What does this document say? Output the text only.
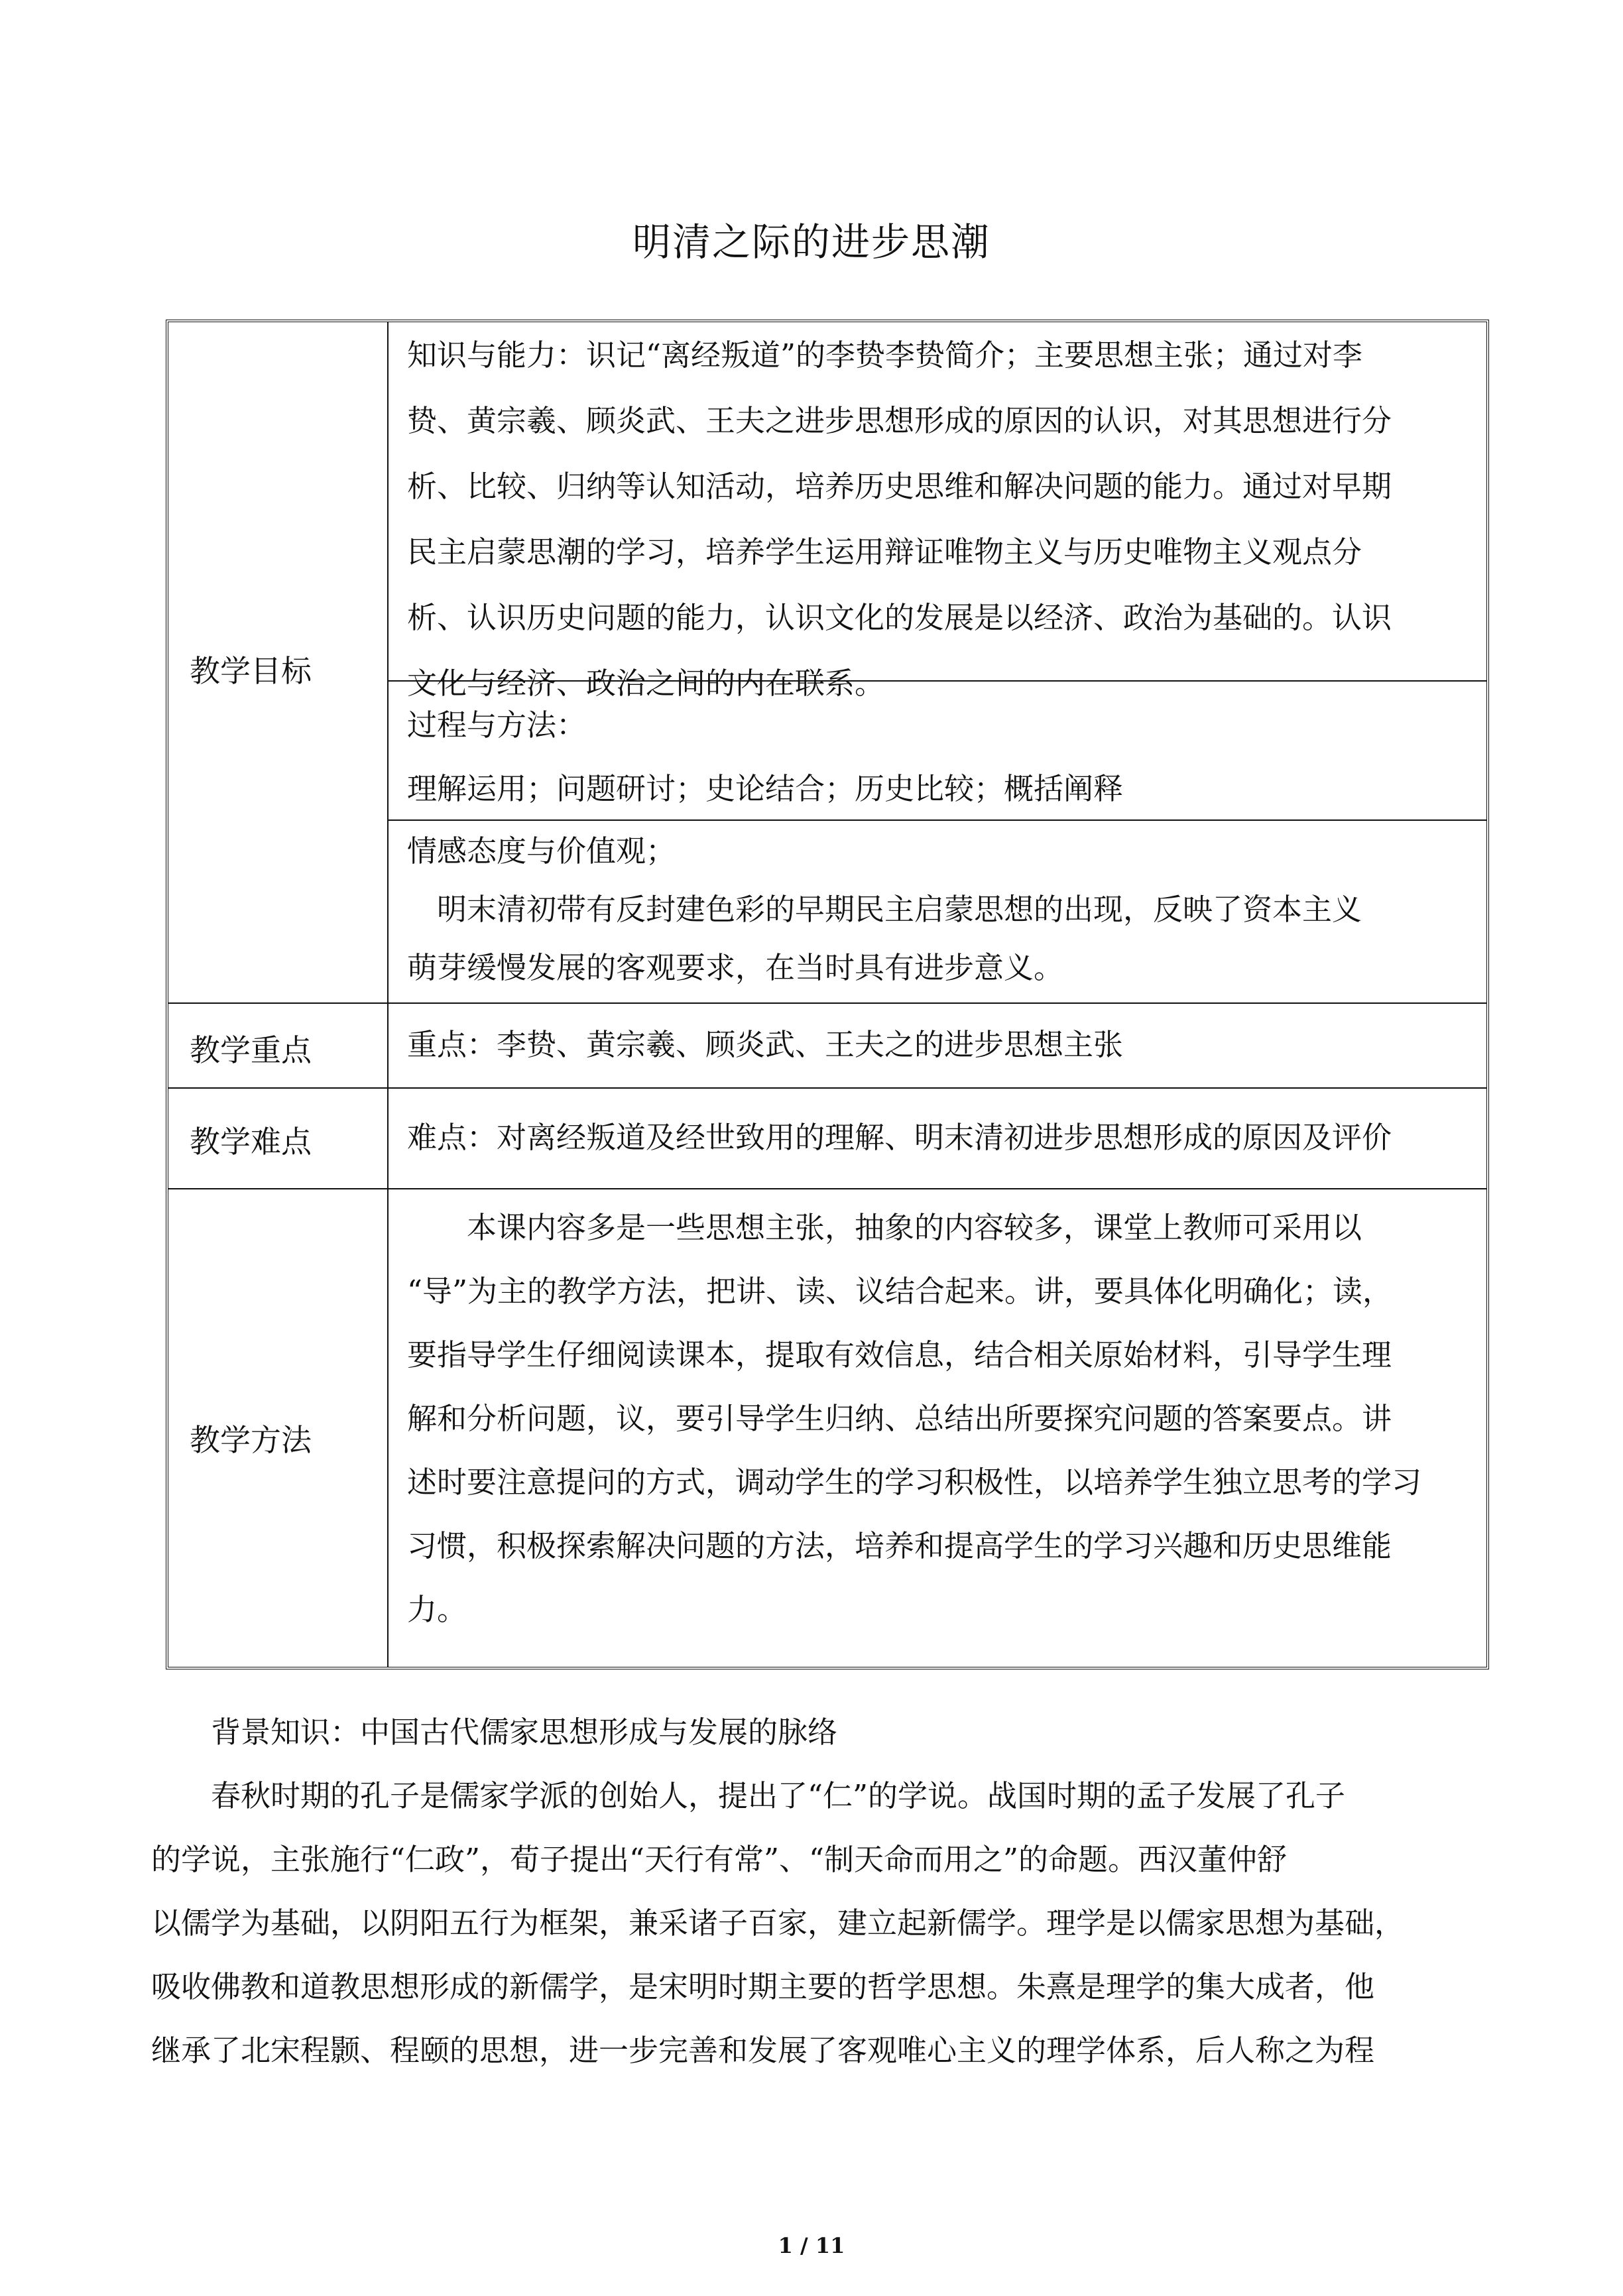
明清之际的进步思潮
教学目标
教学重点
教学难点
教学方法
知识与能力：识记“离经叛道”的李贽李贽简介；主要思想主张；通过对李
贽、黄宗羲、顾炎武、王夫之进步思想形成的原因的认识，对其思想进行分
析、比较、归纳等认知活动，培养历史思维和解决问题的能力。通过对早期
民主启蒙思潮的学习，培养学生运用辩证唯物主义与历史唯物主义观点分
析、认识历史问题的能力，认识文化的发展是以经济、政治为基础的。认识
文化与经济、政治之间的内在联系。
过程与方法：
理解运用；问题研讨；史论结合；历史比较；概括阐释
情感态度与价值观；
　明末清初带有反封建色彩的早期民主启蒙思想的出现，反映了资本主义
萌芽缓慢发展的客观要求，在当时具有进步意义。
重点：李贽、黄宗羲、顾炎武、王夫之的进步思想主张
难点：对离经叛道及经世致用的理解、明末清初进步思想形成的原因及评价
　　本课内容多是一些思想主张，抽象的内容较多，课堂上教师可采用以
“导”为主的教学方法，把讲、读、议结合起来。讲，要具体化明确化；读，
要指导学生仔细阅读课本，提取有效信息，结合相关原始材料，引导学生理
解和分析问题，议，要引导学生归纳、总结出所要探究问题的答案要点。讲
述时要注意提问的方式，调动学生的学习积极性，以培养学生独立思考的学习
习惯，积极探索解决问题的方法，培养和提高学生的学习兴趣和历史思维能
力。
　　背景知识：中国古代儒家思想形成与发展的脉络
　　春秋时期的孔子是儒家学派的创始人，提出了“仁”的学说。战国时期的孟子发展了孔子
的学说，主张施行“仁政”，荀子提出“天行有常”、“制天命而用之”的命题。西汉董仲舒
以儒学为基础，以阴阳五行为框架，兼采诸子百家，建立起新儒学。理学是以儒家思想为基础，
吸收佛教和道教思想形成的新儒学，是宋明时期主要的哲学思想。朱熹是理学的集大成者，他
继承了北宋程颢、程颐的思想，进一步完善和发展了客观唯心主义的理学体系，后人称之为程
1 / 11
